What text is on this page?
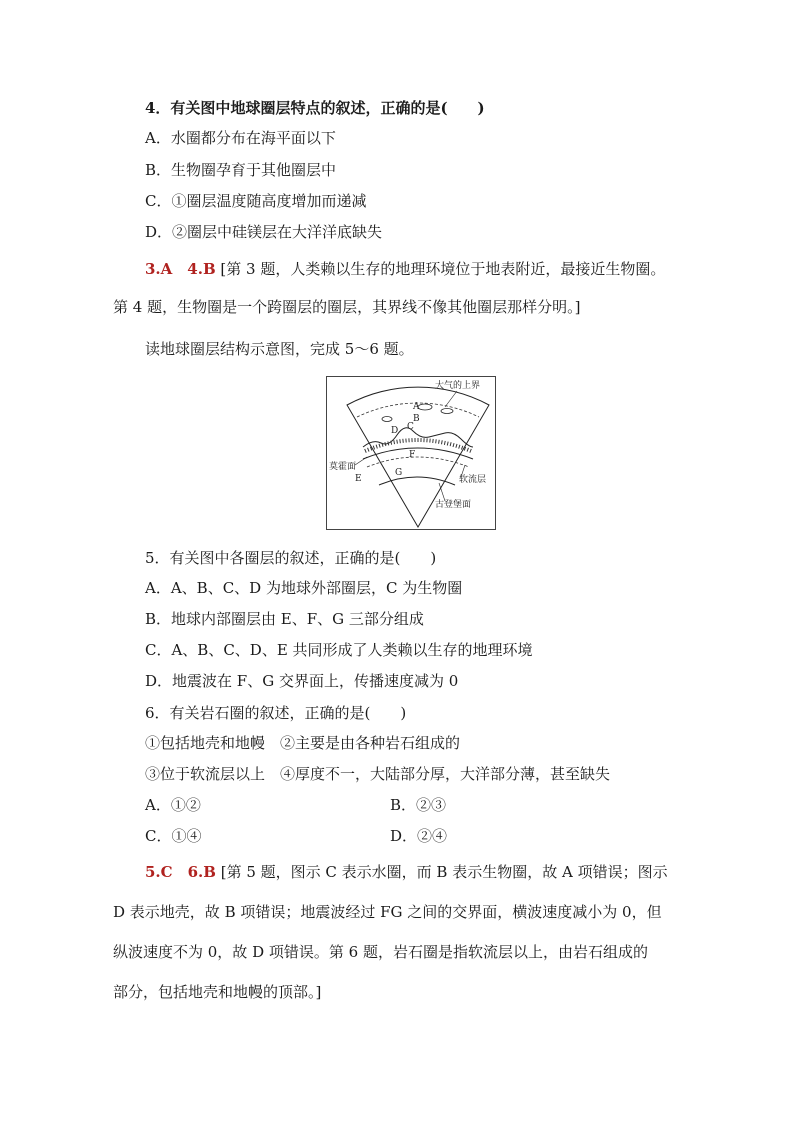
4．有关图中地球圈层特点的叙述，正确的是(　　)
A．水圈都分布在海平面以下
B．生物圈孕育于其他圈层中
C．①圈层温度随高度增加而递减
D．②圈层中硅镁层在大洋洋底缺失
3.A　4.B [第 3 题，人类赖以生存的地理环境位于地表附近，最接近生物圈。
第 4 题，生物圈是一个跨圈层的圈层，其界线不像其他圈层那样分明。]
读地球圈层结构示意图，完成 5～6 题。
大气的上界
A
B
C
D
莫霍面
E
F
G
软流层
古登堡面
5．有关图中各圈层的叙述，正确的是(　　)
A．A、B、C、D 为地球外部圈层，C 为生物圈
B．地球内部圈层由 E、F、G 三部分组成
C．A、B、C、D、E 共同形成了人类赖以生存的地理环境
D．地震波在 F、G 交界面上，传播速度减为 0
6．有关岩石圈的叙述，正确的是(　　)
①包括地壳和地幔　②主要是由各种岩石组成的
③位于软流层以上　④厚度不一，大陆部分厚，大洋部分薄，甚至缺失
A．①②	B．②③
C．①④	D．②④
5.C　6.B [第 5 题，图示 C 表示水圈，而 B 表示生物圈，故 A 项错误；图示
D 表示地壳，故 B 项错误；地震波经过 FG 之间的交界面，横波速度减小为 0，但
纵波速度不为 0，故 D 项错误。第 6 题，岩石圈是指软流层以上，由岩石组成的
部分，包括地壳和地幔的顶部。]
